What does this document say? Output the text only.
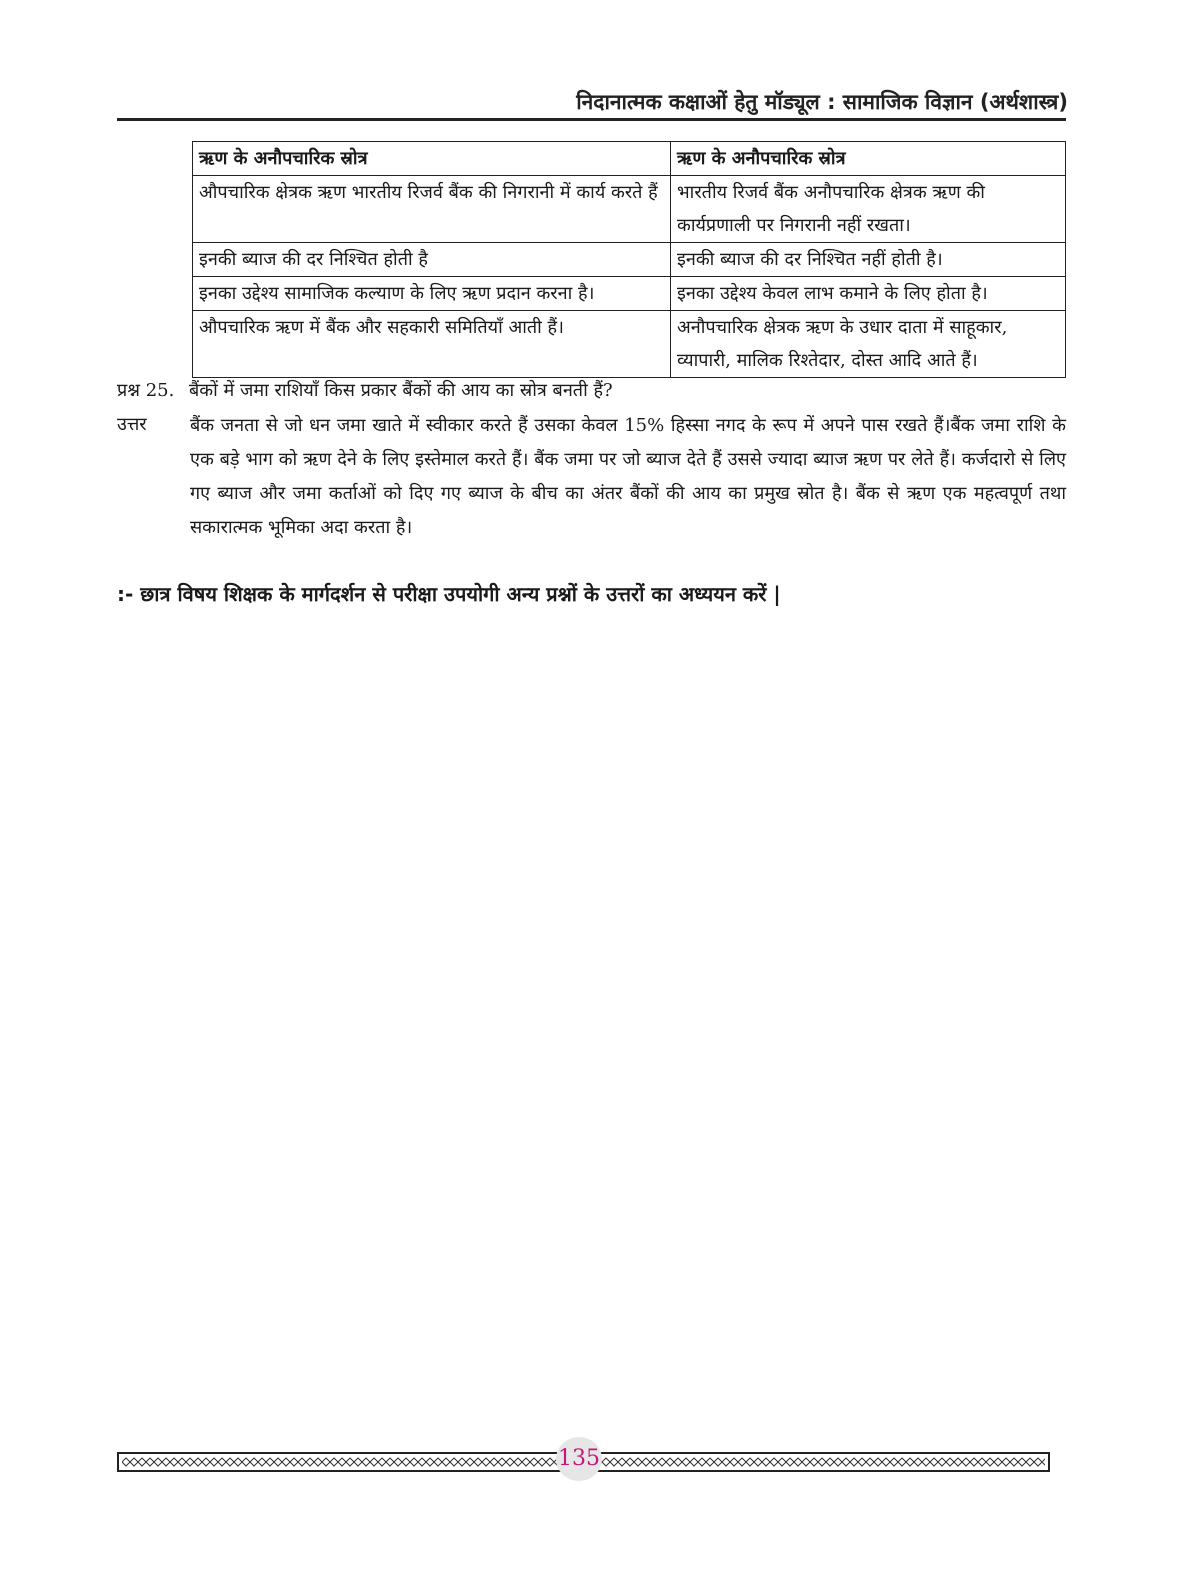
निदानात्मक कक्षाओं हेतु मॉड्यूल : सामाजिक विज्ञान (अर्थशास्त्र)
ऋण के अनौपचारिक स्रोत्र	ऋण के अनौपचारिक स्रोत्र
औपचारिक क्षेत्रक ऋण भारतीय रिजर्व बैंक की निगरानी में कार्य करते हैं	भारतीय रिजर्व बैंक अनौपचारिक क्षेत्रक ऋण की कार्यप्रणाली पर निगरानी नहीं रखता।
इनकी ब्याज की दर निश्चित होती है	इनकी ब्याज की दर निश्चित नहीं होती है।
इनका उद्देश्य सामाजिक कल्याण के लिए ऋण प्रदान करना है।	इनका उद्देश्य केवल लाभ कमाने के लिए होता है।
औपचारिक ऋण में बैंक और सहकारी समितियाँ आती हैं।	अनौपचारिक क्षेत्रक ऋण के उधार दाता में साहूकार, व्यापारी, मालिक रिश्तेदार, दोस्त आदि आते हैं।
प्रश्न 25. बैंकों में जमा राशियाँ किस प्रकार बैंकों की आय का स्रोत्र बनती हैं?
उत्तर बैंक जनता से जो धन जमा खाते में स्वीकार करते हैं उसका केवल 15% हिस्सा नगद के रूप में अपने पास रखते हैं।बैंक जमा राशि के एक बड़े भाग को ऋण देने के लिए इस्तेमाल करते हैं। बैंक जमा पर जो ब्याज देते हैं उससे ज्यादा ब्याज ऋण पर लेते हैं। कर्जदारो से लिए गए ब्याज और जमा कर्ताओं को दिए गए ब्याज के बीच का अंतर बैंकों की आय का प्रमुख स्रोत है। बैंक से ऋण एक महत्वपूर्ण तथा सकारात्मक भूमिका अदा करता है।
:- छात्र विषय शिक्षक के मार्गदर्शन से परीक्षा उपयोगी अन्य प्रश्नों के उत्तरों का अध्ययन करें |
135
